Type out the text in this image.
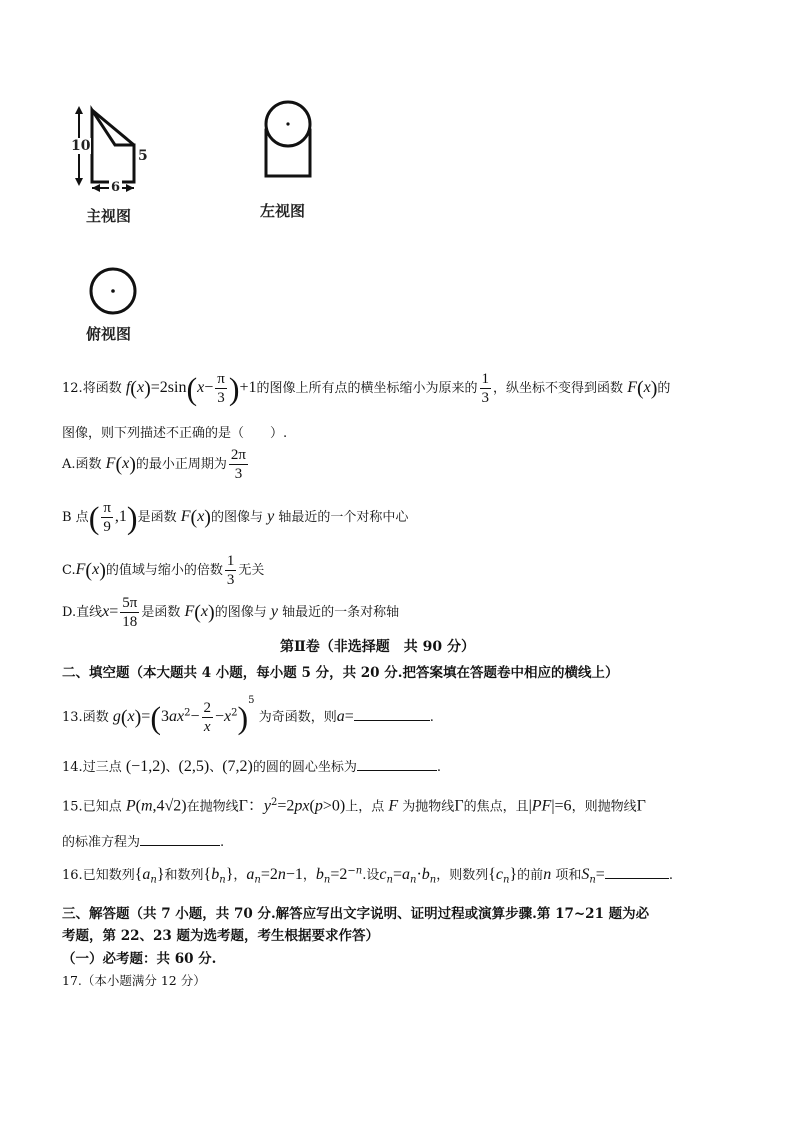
10
5
6
主视图	左视图
俯视图
12.将函数 $f(x)=2\sin(x- \frac{\pi}{3} )+1$的图像上所有点的横坐标缩小为原来的 $\frac{1}{3}$ ，纵坐标不变得到函数 F(x)的
图像，则下列描述不正确的是（　　）.
A.函数 F(x)的最小正周期为 $\frac{2\pi}{3}$
B 点( $\frac{\pi}{9} ,1$)是函数 F(x)的图像与 y 轴最近的一个对称中心
C.F(x)的值域与缩小的倍数 $\frac{1}{3}$ 无关
D.直线$x= \frac{5\pi}{18}$ 是函数 F(x)的图像与 y 轴最近的一条对称轴
第Ⅱ卷（非选择题　共 90 分）
二、填空题（本大题共 4 小题，每小题 5 分，共 20 分.把答案填在答题卷中相应的横线上）
13.函数 $g(x)=(3ax^2- \frac{2}{x} -x^2)^5$ 为奇函数，则a=	.
14.过三点 (−1,2)、(2,5)、(7,2)的圆的圆心坐标为	.
15.已知点 P(m,4√2)在抛物线Γ：$y^2=2px(p>0)$上，点 F 为抛物线Γ的焦点，且|PF|=6，则抛物线Γ
的标准方程为	.
16.已知数列$\{a_n\}$和数列$\{b_n\}$，$a_n=2n-1$，$b_n=2^{-n}$.设$c_n=a_n\cdot b_n$，则数列$\{c_n\}$的前n 项和$S_n=$	.
三、解答题（共 7 小题，共 70 分.解答应写出文字说明、证明过程或演算步骤.第 17~21 题为必
考题，第 22、23 题为选考题，考生根据要求作答）
（一）必考题：共 60 分.
17.（本小题满分 12 分）
